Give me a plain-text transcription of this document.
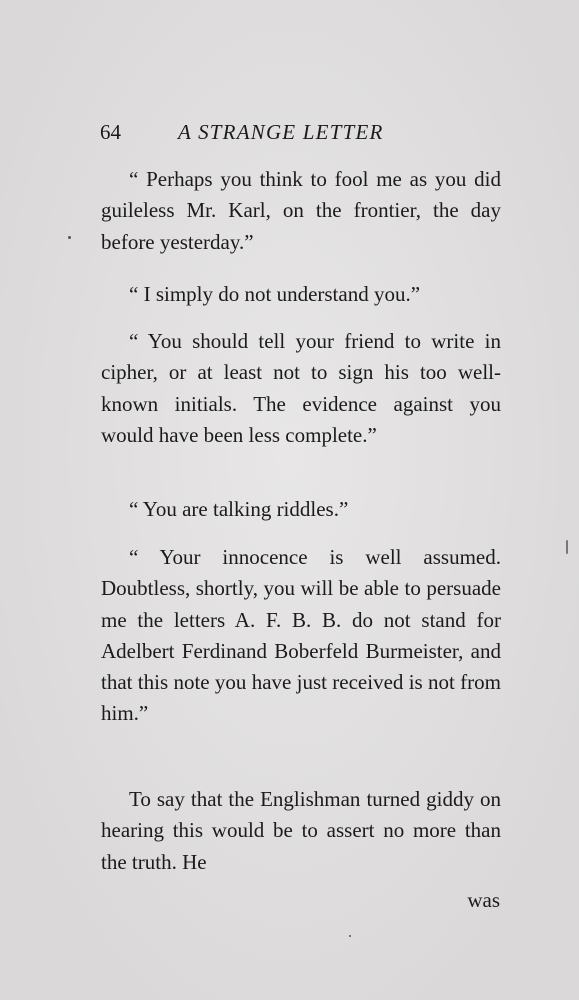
64	A STRANGE LETTER

“ Perhaps you think to fool me as you did guileless Mr. Karl, on the frontier, the day before yesterday.”

“ I simply do not understand you.”

“ You should tell your friend to write in cipher, or at least not to sign his too well-known initials. The evidence against you would have been less complete.”

“ You are talking riddles.”

“ Your innocence is well assumed. Doubtless, shortly, you will be able to persuade me the letters A. F. B. B. do not stand for Adelbert Ferdinand Boberfeld Burmeister, and that this note you have just received is not from him.”

To say that the Englishman turned giddy on hearing this would be to assert no more than the truth. He

was
